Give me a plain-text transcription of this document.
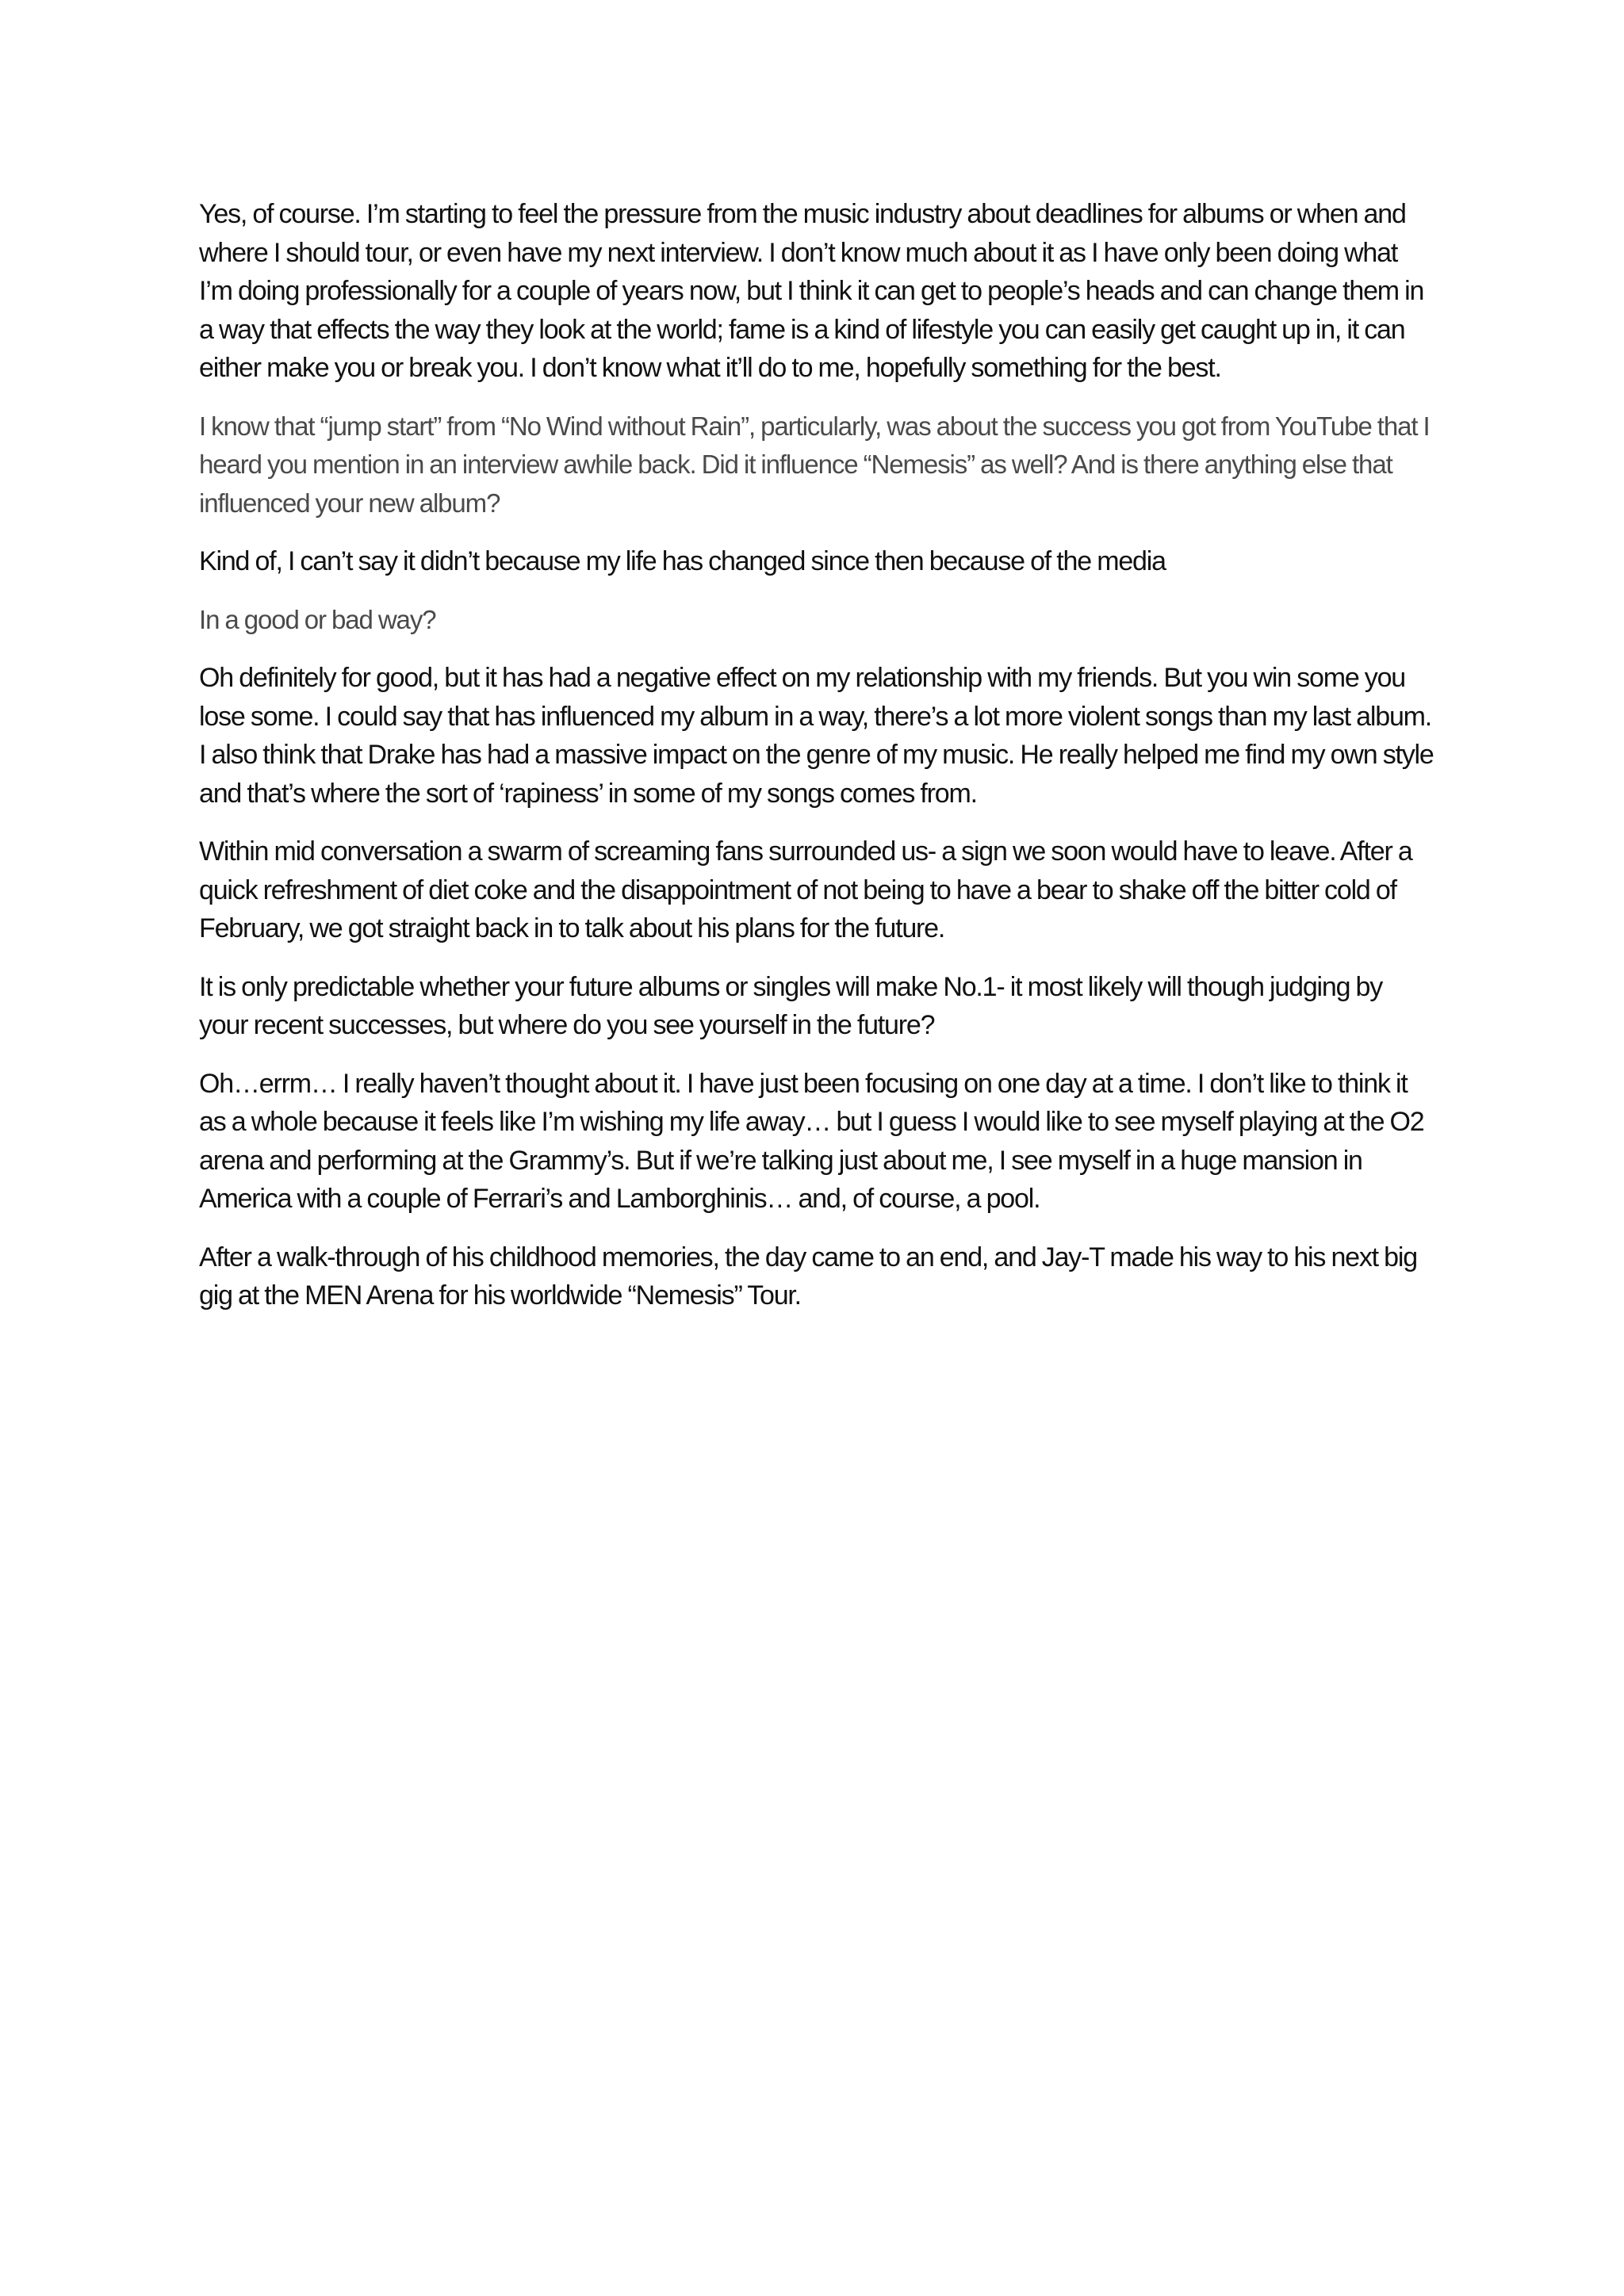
Yes, of course. I’m starting to feel the pressure from the music industry about deadlines for albums or when and where I should tour, or even have my next interview. I don’t know much about it as I have only been doing what I’m doing professionally for a couple of years now, but I think it can get to people’s heads and can change them in a way that effects the way they look at the world; fame is a kind of lifestyle you can easily get caught up in, it can either make you or break you. I don’t know what it’ll do to me, hopefully something for the best.

I know that “jump start” from “No Wind without Rain”, particularly, was about the success you got from YouTube that I heard you mention in an interview awhile back. Did it influence “Nemesis” as well? And is there anything else that influenced your new album?

Kind of, I can’t say it didn’t because my life has changed since then because of the media

In a good or bad way?

Oh definitely for good, but it has had a negative effect on my relationship with my friends. But you win some you lose some. I could say that has influenced my album in a way, there’s a lot more violent songs than my last album. I also think that Drake has had a massive impact on the genre of my music. He really helped me find my own style and that’s where the sort of ‘rapiness’ in some of my songs comes from.

Within mid conversation a swarm of screaming fans surrounded us- a sign we soon would have to leave. After a quick refreshment of diet coke and the disappointment of not being to have a bear to shake off the bitter cold of February, we got straight back in to talk about his plans for the future.

It is only predictable whether your future albums or singles will make No.1- it most likely will though judging by your recent successes, but where do you see yourself in the future?

Oh…errm… I really haven’t thought about it. I have just been focusing on one day at a time. I don’t like to think it as a whole because it feels like I’m wishing my life away… but I guess I would like to see myself playing at the O2 arena and performing at the Grammy’s. But if we’re talking just about me, I see myself in a huge mansion in America with a couple of Ferrari’s and Lamborghinis… and, of course, a pool.

After a walk-through of his childhood memories, the day came to an end, and Jay-T made his way to his next big gig at the MEN Arena for his worldwide “Nemesis” Tour.
